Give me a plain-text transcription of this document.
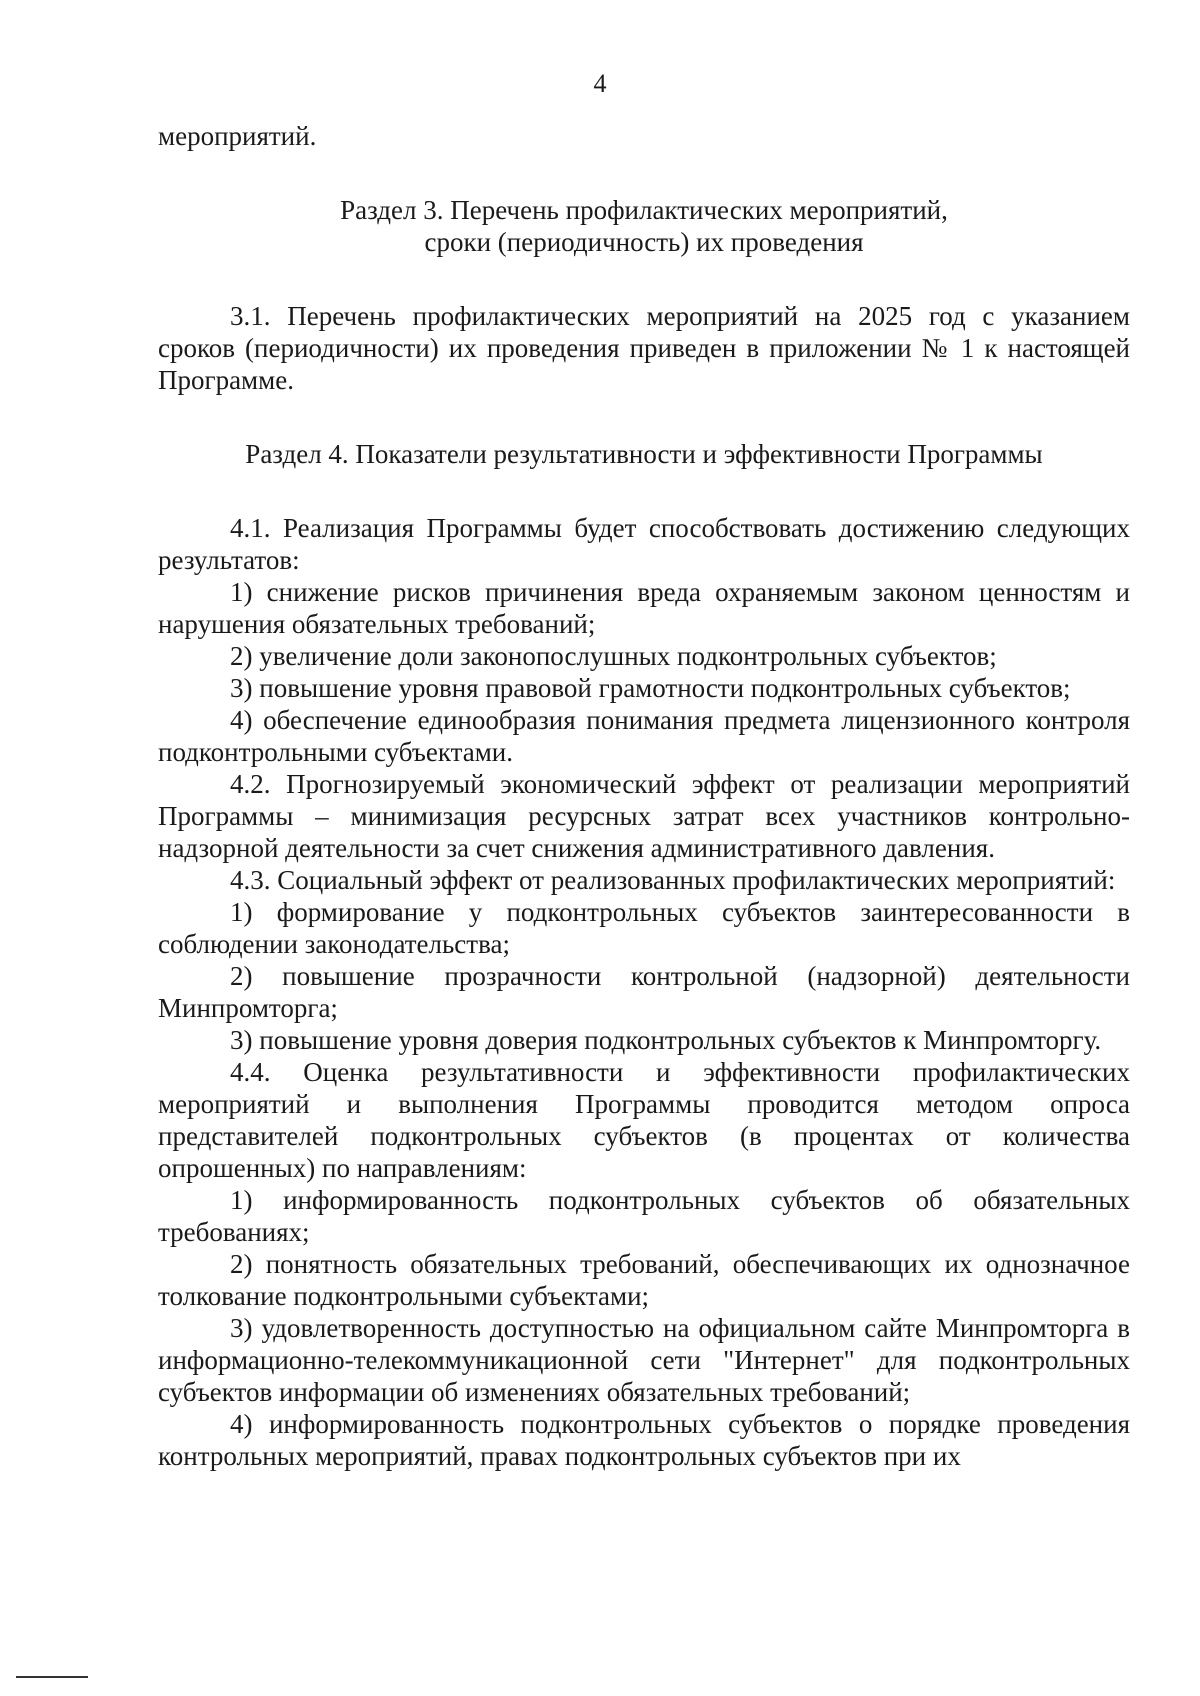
4

мероприятий.

Раздел 3. Перечень профилактических мероприятий,

сроки (периодичность) их проведения

3.1. Перечень профилактических мероприятий на 2025 год с указанием сроков (периодичности) их проведения приведен в приложении № 1 к настоящей Программе.

Раздел 4. Показатели результативности и эффективности Программы

4.1. Реализация Программы будет способствовать достижению следующих результатов:

1) снижение рисков причинения вреда охраняемым законом ценностям и нарушения обязательных требований;

2) увеличение доли законопослушных подконтрольных субъектов;

3) повышение уровня правовой грамотности подконтрольных субъектов;

4) обеспечение единообразия понимания предмета лицензионного контроля подконтрольными субъектами.

4.2. Прогнозируемый экономический эффект от реализации мероприятий Программы – минимизация ресурсных затрат всех участников контрольно-надзорной деятельности за счет снижения административного давления.

4.3. Социальный эффект от реализованных профилактических мероприятий:

1) формирование у подконтрольных субъектов заинтересованности в соблюдении законодательства;

2) повышение прозрачности контрольной (надзорной) деятельности Минпромторга;

3) повышение уровня доверия подконтрольных субъектов к Минпромторгу.

4.4. Оценка результативности и эффективности профилактических мероприятий и выполнения Программы проводится методом опроса представителей подконтрольных субъектов (в процентах от количества опрошенных) по направлениям:

1) информированность подконтрольных субъектов об обязательных требованиях;

2) понятность обязательных требований, обеспечивающих их однозначное толкование подконтрольными субъектами;

3) удовлетворенность доступностью на официальном сайте Минпромторга в информационно-телекоммуникационной сети "Интернет" для подконтрольных субъектов информации об изменениях обязательных требований;

4) информированность подконтрольных субъектов о порядке проведения контрольных мероприятий, правах подконтрольных субъектов при их
